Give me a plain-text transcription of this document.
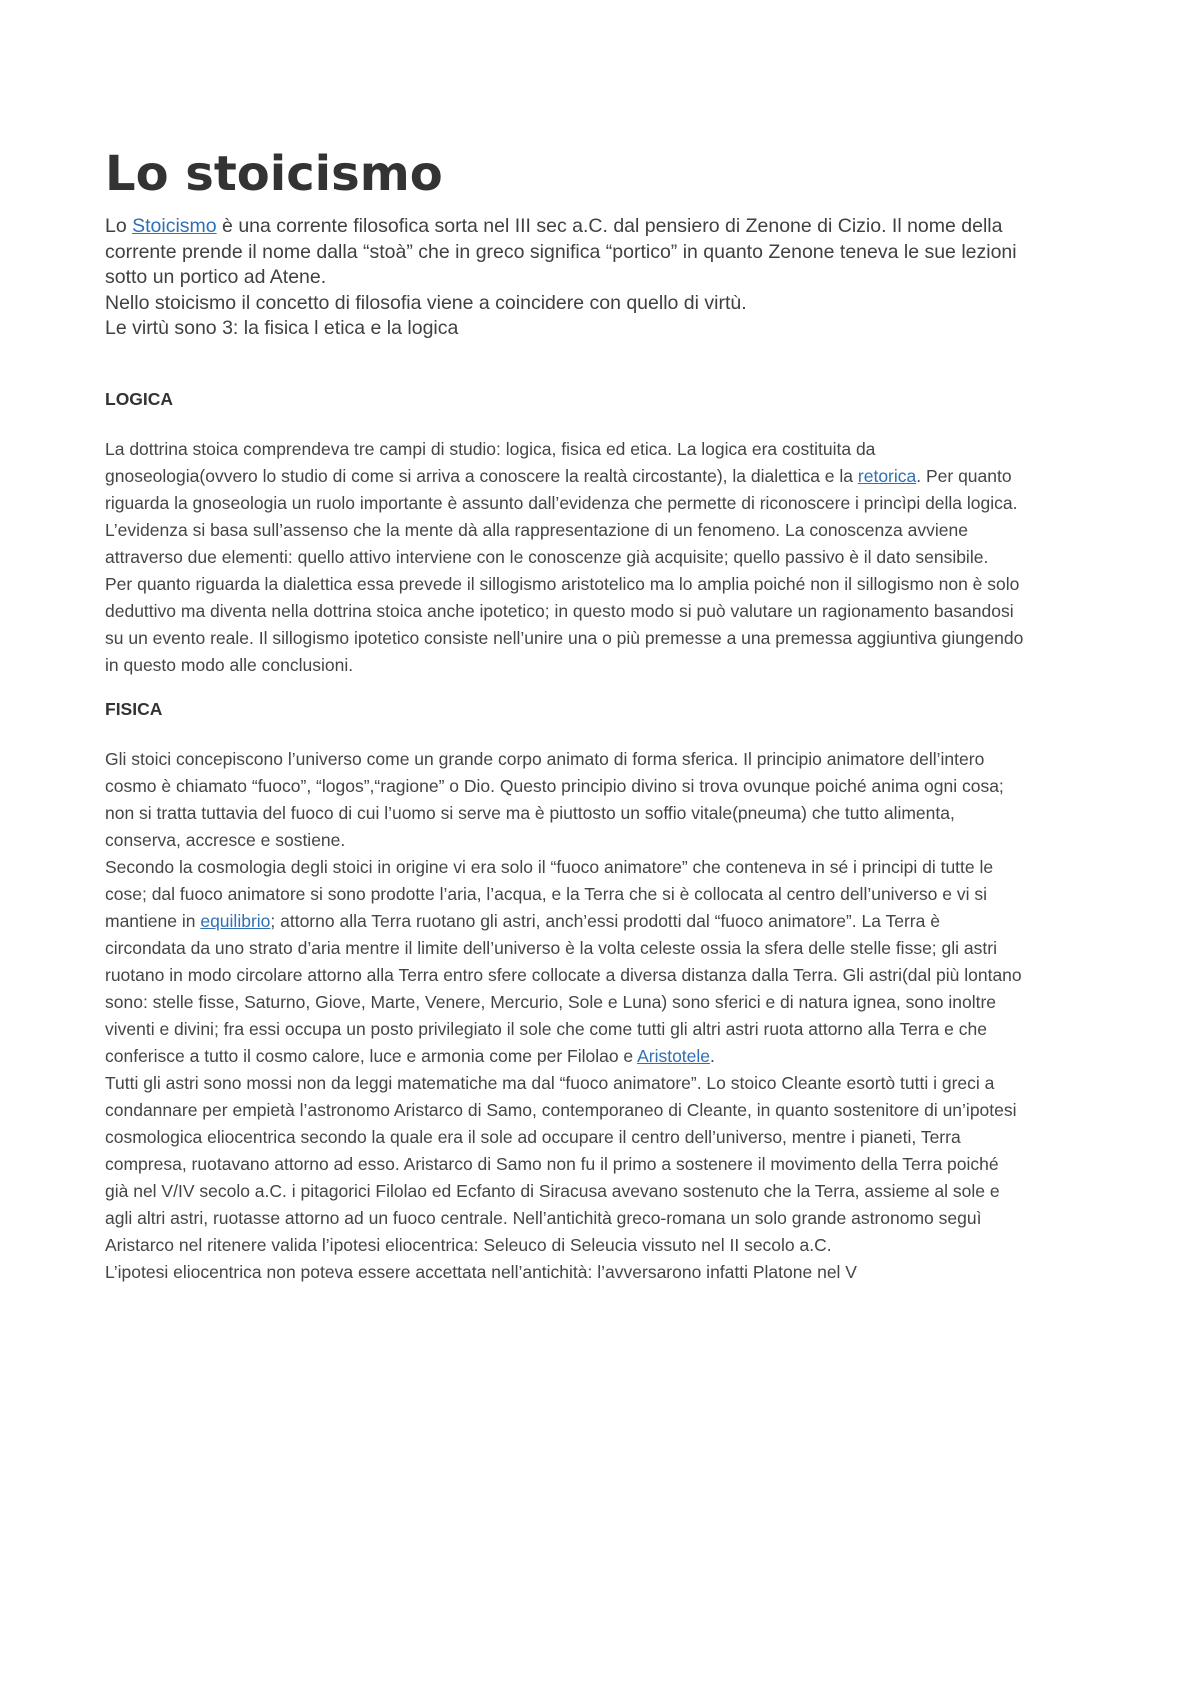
Lo stoicismo

Lo Stoicismo è una corrente filosofica sorta nel III sec a.C. dal pensiero di Zenone di Cizio. Il nome della corrente prende il nome dalla “stoà” che in greco significa “portico” in quanto Zenone teneva le sue lezioni sotto un portico ad Atene.

Nello stoicismo il concetto di filosofia viene a coincidere con quello di virtù.

Le virtù sono 3: la fisica l etica e la logica

LOGICA

La dottrina stoica comprendeva tre campi di studio: logica, fisica ed etica. La logica era costituita da gnoseologia(ovvero lo studio di come si arriva a conoscere la realtà circostante), la dialettica e la retorica. Per quanto riguarda la gnoseologia un ruolo importante è assunto dall’evidenza che permette di riconoscere i princìpi della logica. L’evidenza si basa sull’assenso che la mente dà alla rappresentazione di un fenomeno. La conoscenza avviene attraverso due elementi: quello attivo interviene con le conoscenze già acquisite; quello passivo è il dato sensibile.

Per quanto riguarda la dialettica essa prevede il sillogismo aristotelico ma lo amplia poiché non il sillogismo non è solo deduttivo ma diventa nella dottrina stoica anche ipotetico; in questo modo si può valutare un ragionamento basandosi su un evento reale. Il sillogismo ipotetico consiste nell’unire una o più premesse a una premessa aggiuntiva giungendo in questo modo alle conclusioni.

FISICA

Gli stoici concepiscono l’universo come un grande corpo animato di forma sferica. Il principio animatore dell’intero cosmo è chiamato “fuoco”, “logos”,“ragione” o Dio. Questo principio divino si trova ovunque poiché anima ogni cosa; non si tratta tuttavia del fuoco di cui l’uomo si serve ma è piuttosto un soffio vitale(pneuma) che tutto alimenta, conserva, accresce e sostiene.

Secondo la cosmologia degli stoici in origine vi era solo il “fuoco animatore” che conteneva in sé i principi di tutte le cose; dal fuoco animatore si sono prodotte l’aria, l’acqua, e la Terra che si è collocata al centro dell’universo e vi si mantiene in equilibrio; attorno alla Terra ruotano gli astri, anch’essi prodotti dal “fuoco animatore”. La Terra è circondata da uno strato d’aria mentre il limite dell’universo è la volta celeste ossia la sfera delle stelle fisse; gli astri ruotano in modo circolare attorno alla Terra entro sfere collocate a diversa distanza dalla Terra. Gli astri(dal più lontano sono: stelle fisse, Saturno, Giove, Marte, Venere, Mercurio, Sole e Luna) sono sferici e di natura ignea, sono inoltre viventi e divini; fra essi occupa un posto privilegiato il sole che come tutti gli altri astri ruota attorno alla Terra e che conferisce a tutto il cosmo calore, luce e armonia come per Filolao e Aristotele.

Tutti gli astri sono mossi non da leggi matematiche ma dal “fuoco animatore”. Lo stoico Cleante esortò tutti i greci a condannare per empietà l’astronomo Aristarco di Samo, contemporaneo di Cleante, in quanto sostenitore di un’ipotesi cosmologica eliocentrica secondo la quale era il sole ad occupare il centro dell’universo, mentre i pianeti, Terra compresa, ruotavano attorno ad esso. Aristarco di Samo non fu il primo a sostenere il movimento della Terra poiché già nel V/IV secolo a.C. i pitagorici Filolao ed Ecfanto di Siracusa avevano sostenuto che la Terra, assieme al sole e agli altri astri, ruotasse attorno ad un fuoco centrale. Nell’antichità greco-romana un solo grande astronomo seguì Aristarco nel ritenere valida l’ipotesi eliocentrica: Seleuco di Seleucia vissuto nel II secolo a.C.

L’ipotesi eliocentrica non poteva essere accettata nell’antichità: l’avversarono infatti Platone nel V
